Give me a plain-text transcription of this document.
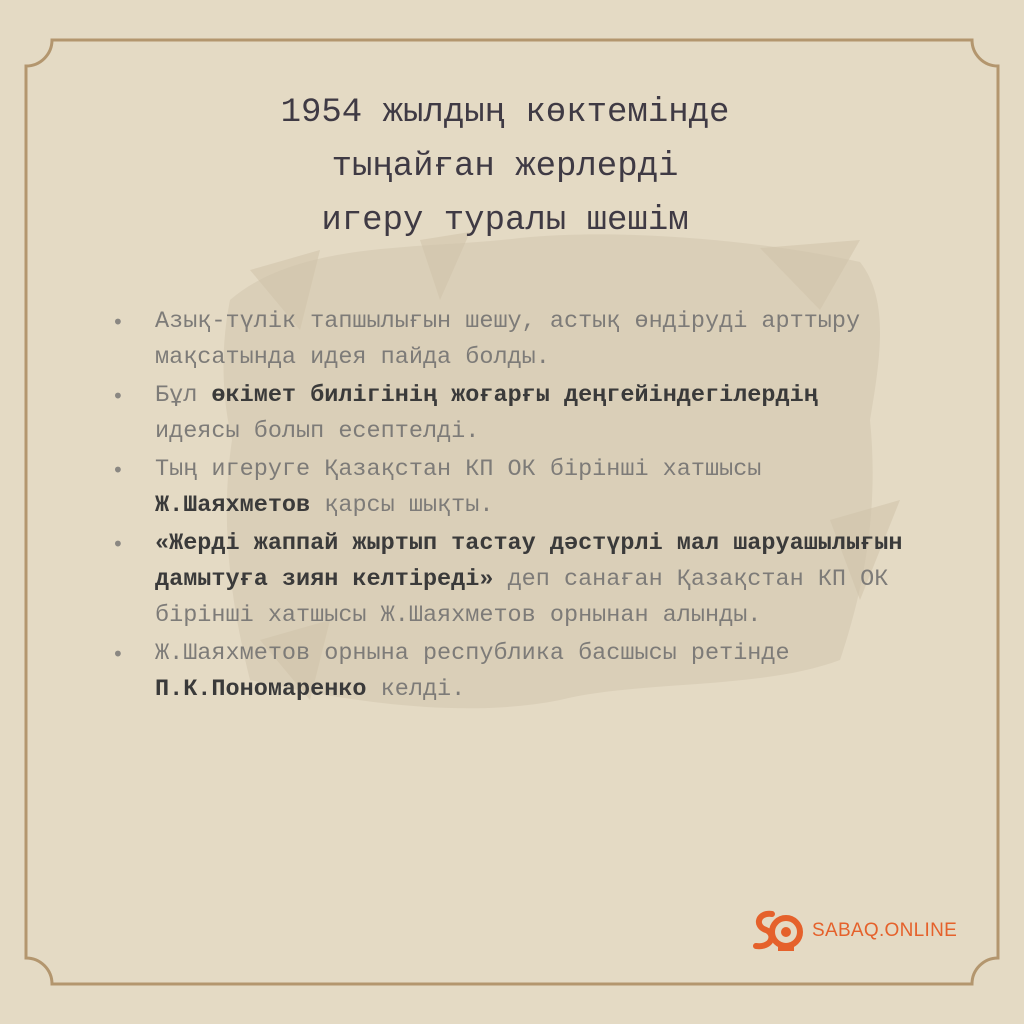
1954 жылдың көктемінде
тыңайған жерлерді
игеру туралы шешім
• Азық-түлік тапшылығын шешу, астық өндіруді арттыру мақсатында идея пайда болды.
• Бұл өкімет билігінің жоғарғы деңгейіндегілердің идеясы болып есептелді.
• Тың игеруге Қазақстан КП ОК бірінші хатшысы Ж.Шаяхметов қарсы шықты.
• «Жерді жаппай жыртып тастау дәстүрлі мал шаруашылығын дамытуға зиян келтіреді» деп санаған Қазақстан КП ОК бірінші хатшысы Ж.Шаяхметов орнынан алынды.
• Ж.Шаяхметов орнына республика басшысы ретінде П.К.Пономаренко келді.
SABAQ.ONLINE
